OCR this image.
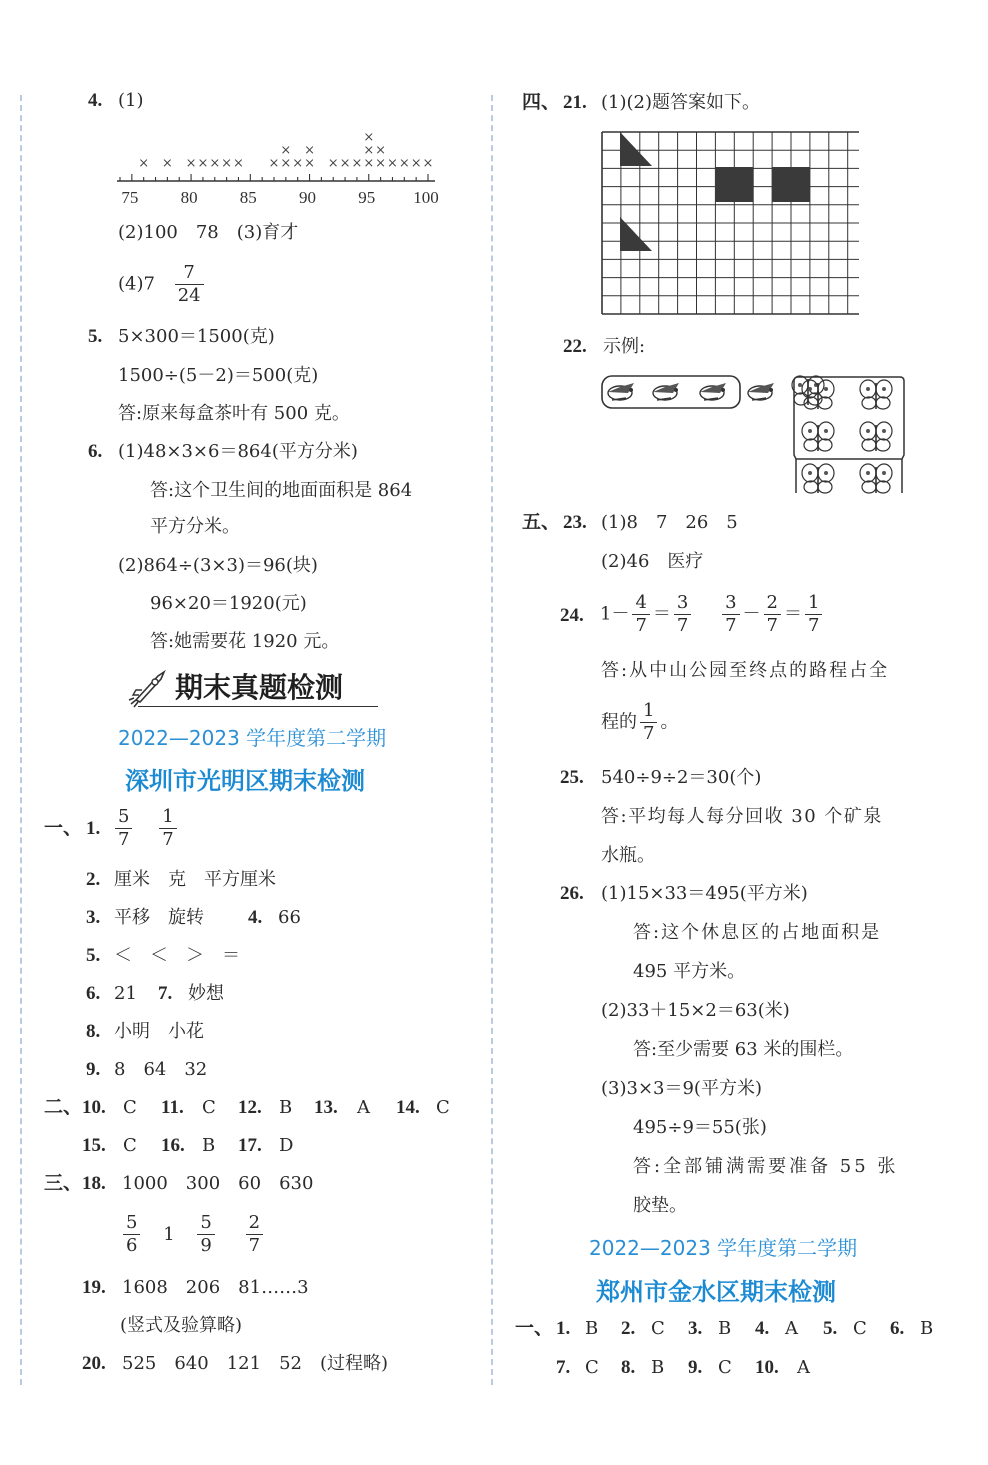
4. (1)
75 80 85 90 95 100
× × × × × × × × ×
×
× ×
×
× × × ×
×
×
×
×
× × × ×
(2)100　78　(3)育才
$(4)7 \frac{7}{24}$
5. 5×300＝1500(克)
1500÷(5－2)＝500(克)
答:原来每盒茶叶有 500 克。
6. (1)48×3×6＝864(平方分米)
答:这个卫生间的地面面积是 864
平方分米。
(2)864÷(3×3)＝96(块)
96×20＝1920(元)
答:她需要花 1920 元。
期末真题检测
2022—2023 学年度第二学期
深圳市光明区期末检测
一、 1. $\frac{5}{7}$
$\frac{1}{7}$
2. 厘米　克　平方厘米
3. 平移　旋转 4. 66
5. ＜　＜　＞　＝
6. 21 7. 妙想
8. 小明　小花
9. 8　64　32
二、 10. C 11. C 12. B 13. A 14. C
15. C 16. B 17. D
三、 18. 1000　300　60　630
$\frac{5}{6} 1 \frac{5}{9}$
$\frac{2}{7}$
19. 1608　206　81……3
(竖式及验算略)
20. 525　640　121　52　(过程略)
四、 21. (1)(2)题答案如下。
22. 示例:
五、 23. (1)8　7　26　5
(2)46　医疗
24. $1- \frac{4}{7} = \frac{3}{7}$
$\frac{3}{7} - \frac{2}{7} = \frac{1}{7}$
答:从中山公园至终点的路程占全
程的 $\frac{1}{7}$ 。
25. 540÷9÷2＝30(个)
答:平均每人每分回收 30 个矿泉
水瓶。
26. (1)15×33＝495(平方米)
答:这个休息区的占地面积是
495 平方米。
(2)33＋15×2＝63(米)
答:至少需要 63 米的围栏。
(3)3×3＝9(平方米)
495÷9＝55(张)
答:全部铺满需要准备 55 张
胶垫。
2022—2023 学年度第二学期
郑州市金水区期末检测
一、 1. B 2. C 3. B 4. A 5. C 6. B
7. C 8. B 9. C 10. A
